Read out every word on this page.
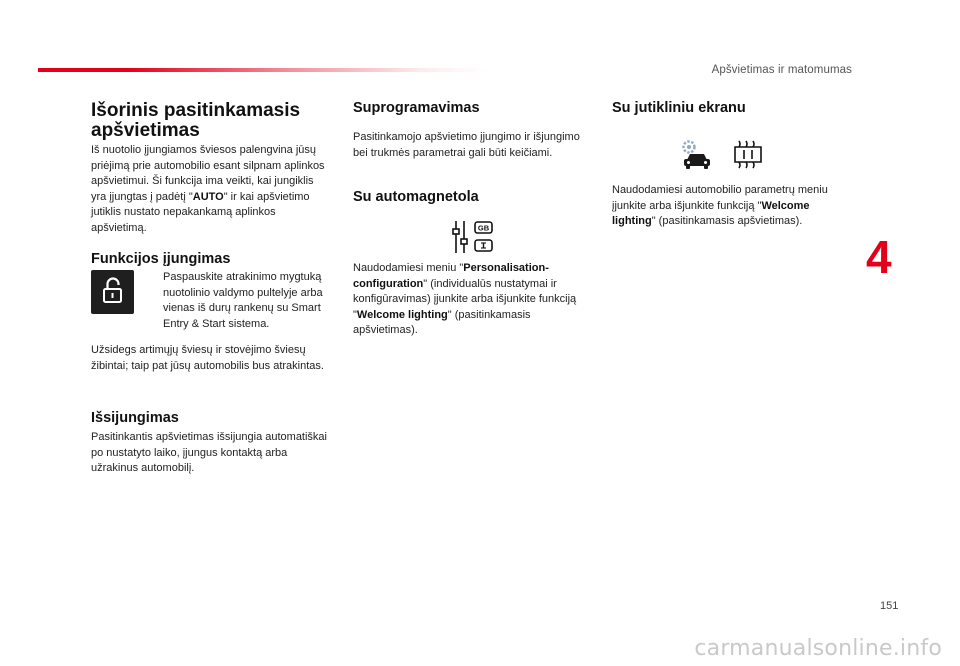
Apšvietimas ir matomumas
Išorinis pasitinkamasis apšvietimas

Iš nuotolio įjungiamos šviesos palengvina jūsų priėjimą prie automobilio esant silpnam aplinkos apšvietimui. Ši funkcija ima veikti, kai jungiklis yra įjungtas į padėtį "AUTO" ir kai apšvietimo jutiklis nustato nepakankamą aplinkos apšvietimą.

Funkcijos įjungimas

Paspauskite atrakinimo mygtuką nuotolinio valdymo pultelyje arba vienas iš durų rankenų su Smart Entry & Start sistema.

Užsidegs artimųjų šviesų ir stovėjimo šviesų žibintai; taip pat jūsų automobilis bus atrakintas.

Išsijungimas

Pasitinkantis apšvietimas išsijungia automatiškai po nustatyto laiko, įjungus kontaktą arba užrakinus automobilį.

Suprogramavimas

Pasitinkamojo apšvietimo įjungimo ir išjungimo bei trukmės parametrai gali būti keičiami.

Su automagnetola
GB

Naudodamiesi meniu "Personalisation-configuration" (individualūs nustatymai ir konfigūravimas) įjunkite arba išjunkite funkciją "Welcome lighting" (pasitinkamasis apšvietimas).

Su jutikliniu ekranu

Naudodamiesi automobilio parametrų meniu įjunkite arba išjunkite funkciją "Welcome lighting" (pasitinkamasis apšvietimas).

4
151
carmanualsonline.info
